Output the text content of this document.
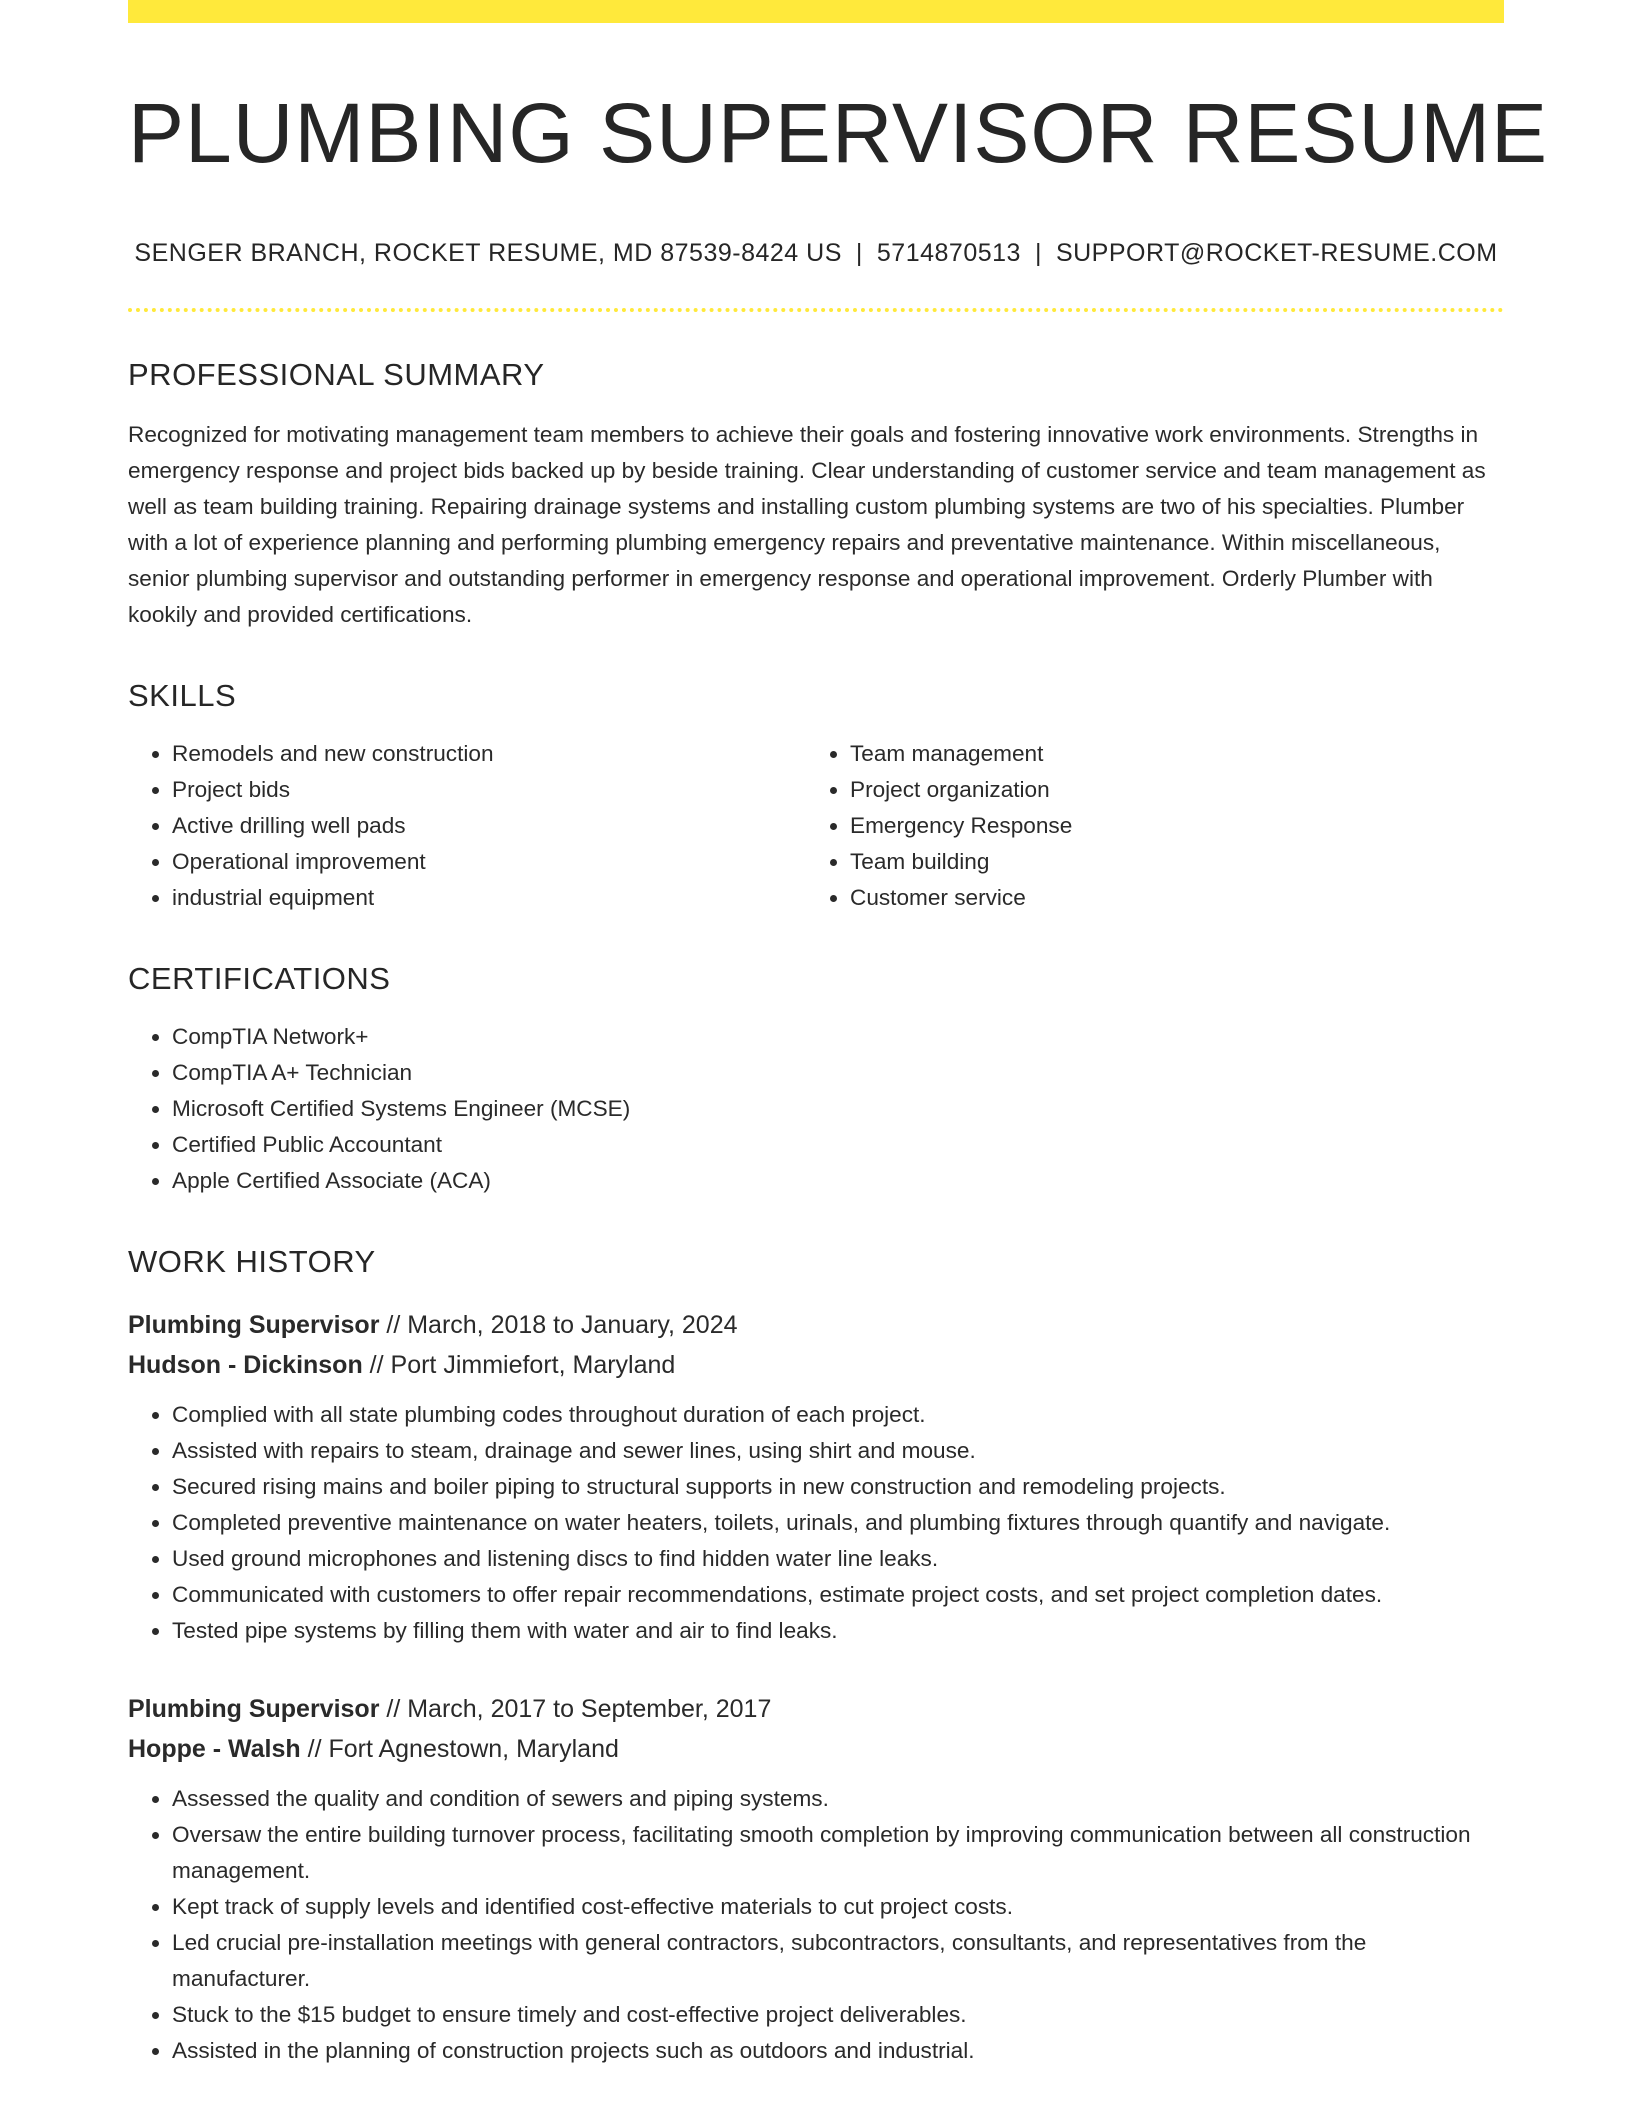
PLUMBING SUPERVISOR RESUME
SENGER BRANCH, ROCKET RESUME, MD 87539-8424 US | 5714870513 | SUPPORT@ROCKET-RESUME.COM
PROFESSIONAL SUMMARY

Recognized for motivating management team members to achieve their goals and fostering innovative work environments. Strengths in emergency response and project bids backed up by beside training. Clear understanding of customer service and team management as well as team building training. Repairing drainage systems and installing custom plumbing systems are two of his specialties. Plumber with a lot of experience planning and performing plumbing emergency repairs and preventative maintenance. Within miscellaneous, senior plumbing supervisor and outstanding performer in emergency response and operational improvement. Orderly Plumber with kookily and provided certifications.

SKILLS
• Remodels and new construction
• Project bids
• Active drilling well pads
• Operational improvement
• industrial equipment
• Team management
• Project organization
• Emergency Response
• Team building
• Customer service
CERTIFICATIONS
• CompTIA Network+
• CompTIA A+ Technician
• Microsoft Certified Systems Engineer (MCSE)
• Certified Public Accountant
• Apple Certified Associate (ACA)
WORK HISTORY
Plumbing Supervisor // March, 2018 to January, 2024
Hudson - Dickinson // Port Jimmiefort, Maryland
• Complied with all state plumbing codes throughout duration of each project.
• Assisted with repairs to steam, drainage and sewer lines, using shirt and mouse.
• Secured rising mains and boiler piping to structural supports in new construction and remodeling projects.
• Completed preventive maintenance on water heaters, toilets, urinals, and plumbing fixtures through quantify and navigate.
• Used ground microphones and listening discs to find hidden water line leaks.
• Communicated with customers to offer repair recommendations, estimate project costs, and set project completion dates.
• Tested pipe systems by filling them with water and air to find leaks.
Plumbing Supervisor // March, 2017 to September, 2017
Hoppe - Walsh // Fort Agnestown, Maryland
• Assessed the quality and condition of sewers and piping systems.
• Oversaw the entire building turnover process, facilitating smooth completion by improving communication between all construction management.
• Kept track of supply levels and identified cost-effective materials to cut project costs.
• Led crucial pre-installation meetings with general contractors, subcontractors, consultants, and representatives from the manufacturer.
• Stuck to the $15 budget to ensure timely and cost-effective project deliverables.
• Assisted in the planning of construction projects such as outdoors and industrial.
